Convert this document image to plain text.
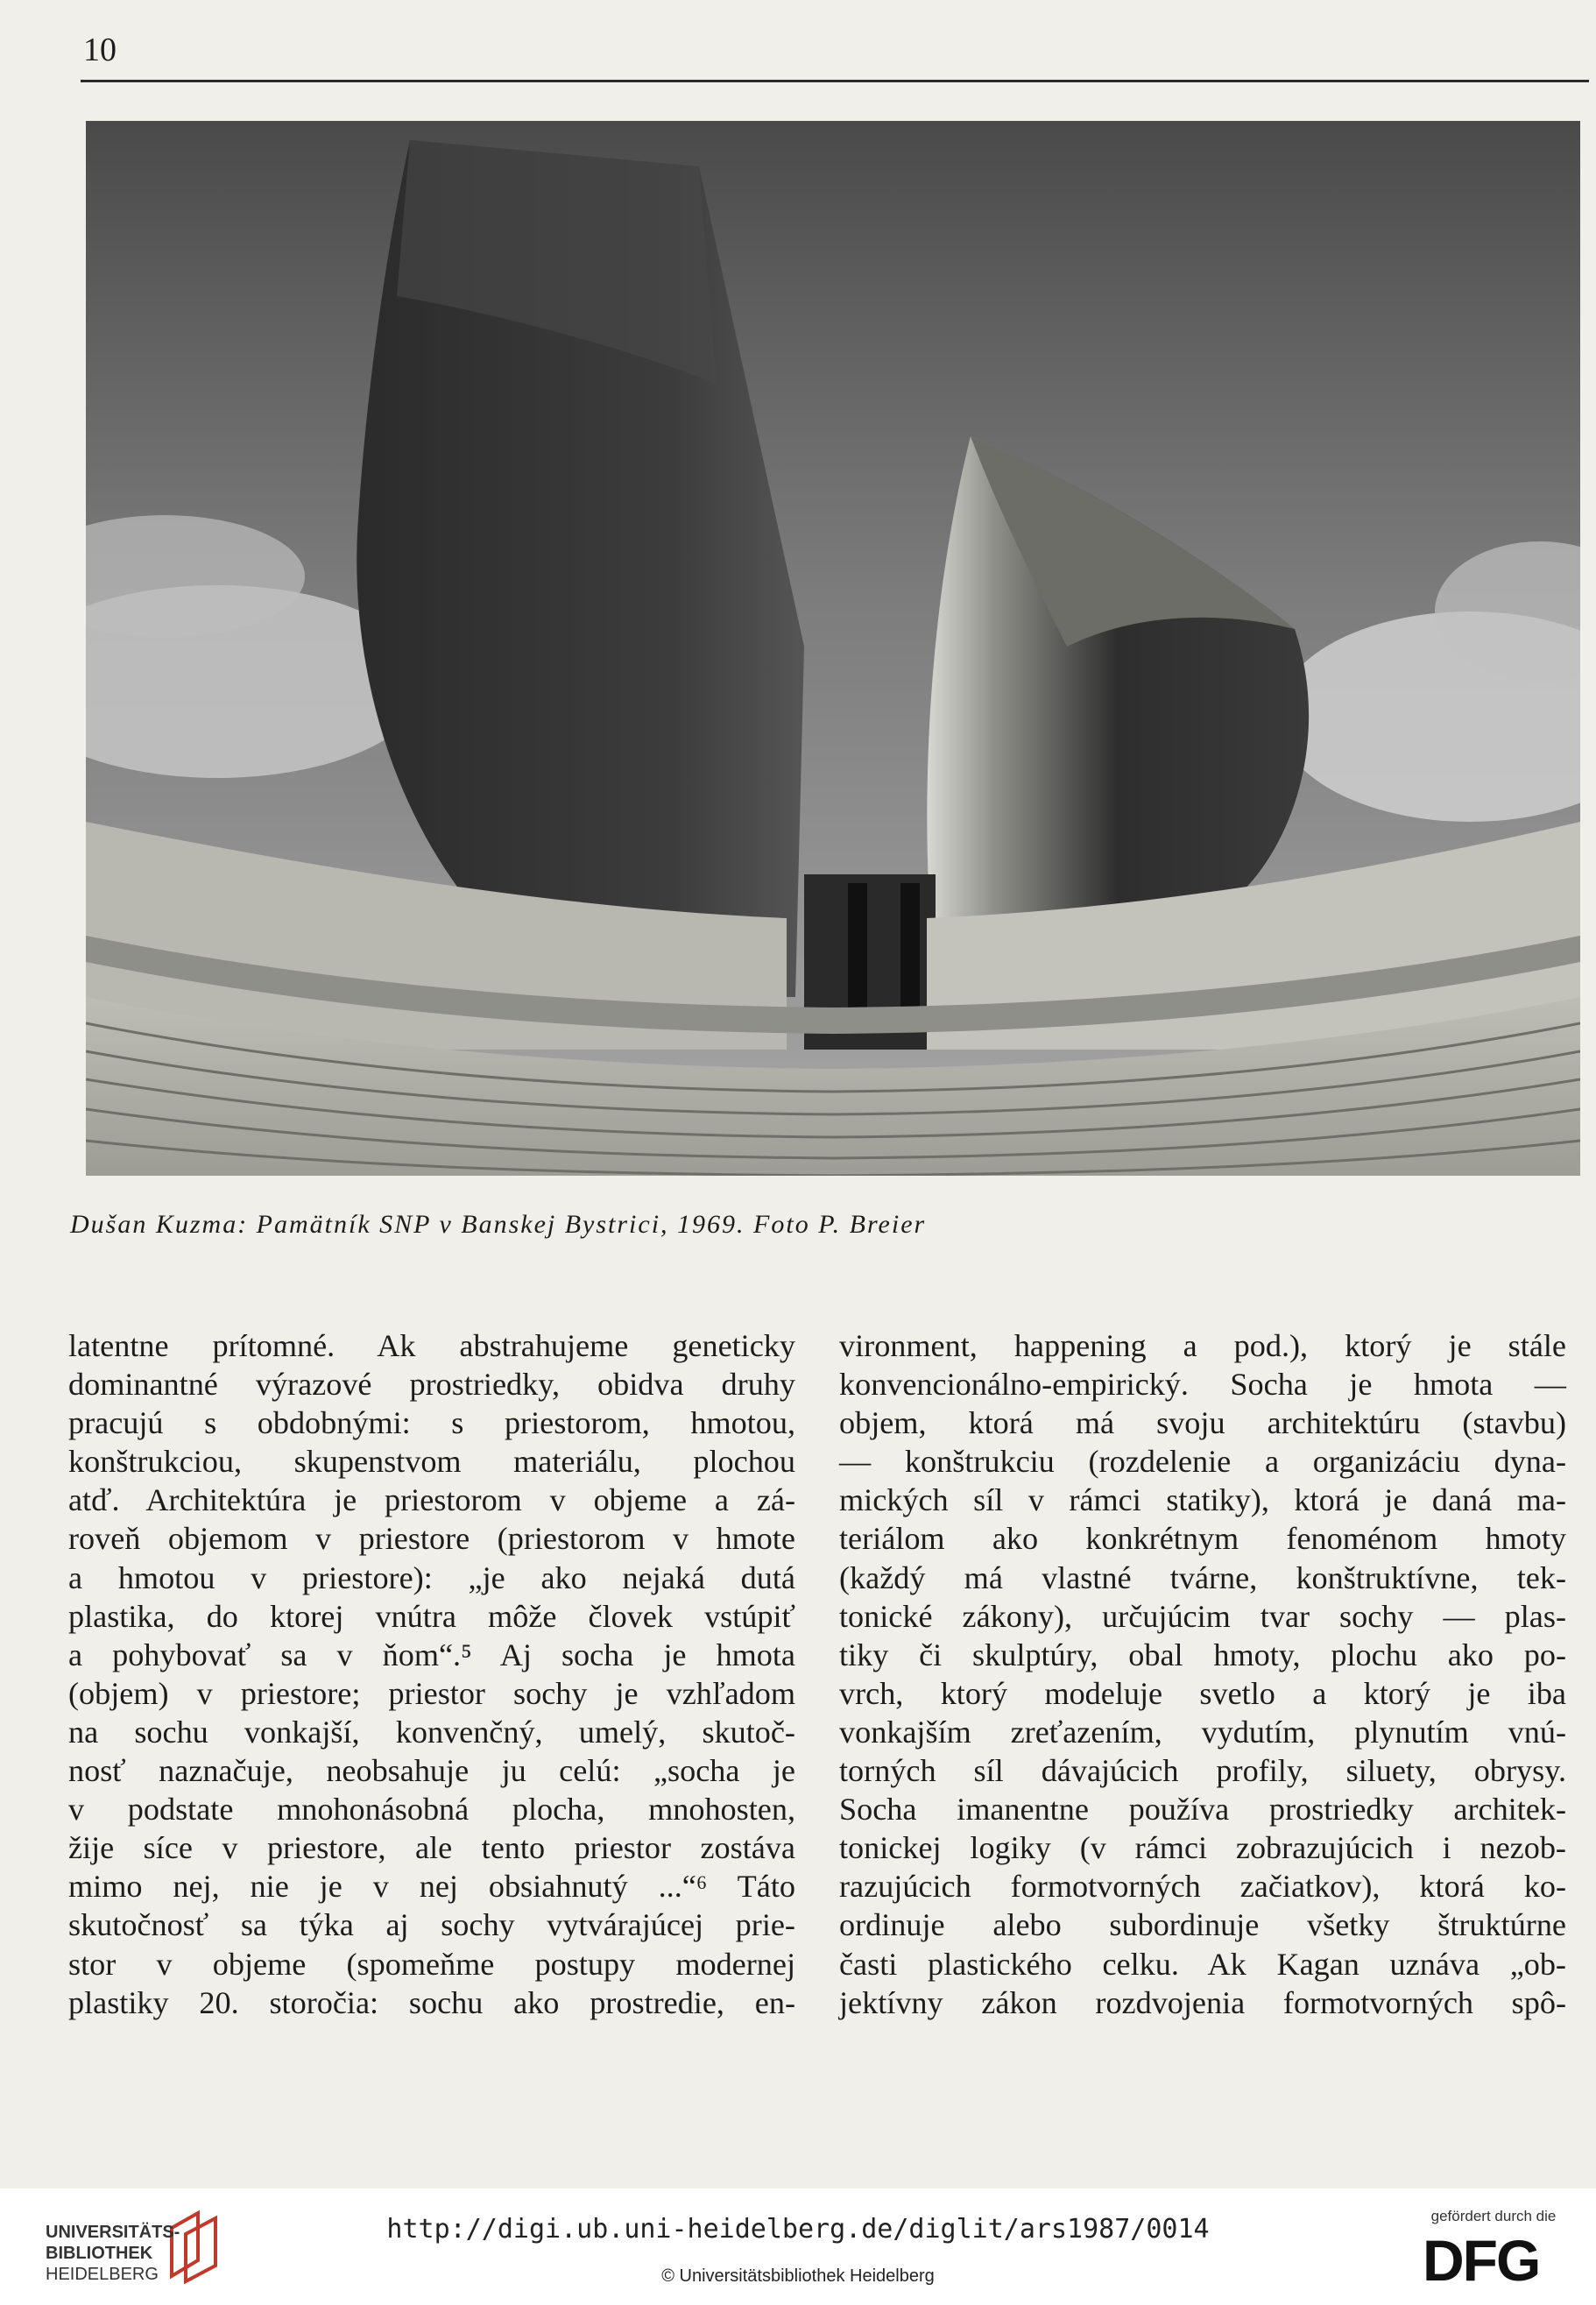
10
Dušan Kuzma: Pamätník SNP v Banskej Bystrici, 1969. Foto P. Breier
latentne prítomné. Ak abstrahujeme geneticky
dominantné výrazové prostriedky, obidva druhy
pracujú s obdobnými: s priestorom, hmotou,
konštrukciou, skupenstvom materiálu, plochou
atď. Architektúra je priestorom v objeme a zá-
roveň objemom v priestore (priestorom v hmote
a hmotou v priestore): „je ako nejaká dutá
plastika, do ktorej vnútra môže človek vstúpiť
a pohybovať sa v ňom“.⁵ Aj socha je hmota
(objem) v priestore; priestor sochy je vzhľadom
na sochu vonkajší, konvenčný, umelý, skutoč-
nosť naznačuje, neobsahuje ju celú: „socha je
v podstate mnohonásobná plocha, mnohosten,
žije síce v priestore, ale tento priestor zostáva
mimo nej, nie je v nej obsiahnutý ...“⁶ Táto
skutočnosť sa týka aj sochy vytvárajúcej prie-
stor v objeme (spomeňme postupy modernej
plastiky 20. storočia: sochu ako prostredie, en-
vironment, happening a pod.), ktorý je stále
konvencionálno-empirický. Socha je hmota —
objem, ktorá má svoju architektúru (stavbu)
— konštrukciu (rozdelenie a organizáciu dyna-
mických síl v rámci statiky), ktorá je daná ma-
teriálom ako konkrétnym fenoménom hmoty
(každý má vlastné tvárne, konštruktívne, tek-
tonické zákony), určujúcim tvar sochy — plas-
tiky či skulptúry, obal hmoty, plochu ako po-
vrch, ktorý modeluje svetlo a ktorý je iba
vonkajším zreťazením, vydutím, plynutím vnú-
torných síl dávajúcich profily, siluety, obrysy.
Socha imanentne používa prostriedky architek-
tonickej logiky (v rámci zobrazujúcich i nezob-
razujúcich formotvorných začiatkov), ktorá ko-
ordinuje alebo subordinuje všetky štruktúrne
časti plastického celku. Ak Kagan uznáva „ob-
jektívny zákon rozdvojenia formotvorných spô-
UNIVERSITÄTS-
BIBLIOTHEK
HEIDELBERG
http://digi.ub.uni-heidelberg.de/diglit/ars1987/0014
© Universitätsbibliothek Heidelberg
gefördert durch die
DFG
